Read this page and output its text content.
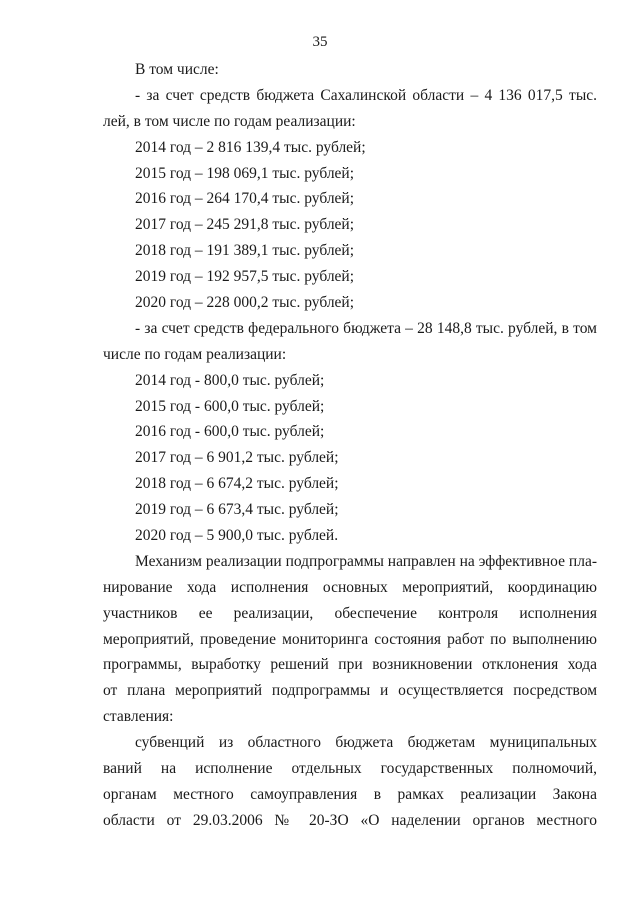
35
В том числе:
- за счет средств бюджета Сахалинской области – 4 136 017,5 тыс.
лей, в том числе по годам реализации:
2014 год – 2 816 139,4 тыс. рублей;
2015 год – 198 069,1 тыс. рублей;
2016 год – 264 170,4 тыс. рублей;
2017 год – 245 291,8 тыс. рублей;
2018 год – 191 389,1 тыс. рублей;
2019 год – 192 957,5 тыс. рублей;
2020 год – 228 000,2 тыс. рублей;
- за счет средств федерального бюджета – 28 148,8 тыс. рублей, в том
числе по годам реализации:
2014 год - 800,0 тыс. рублей;
2015 год - 600,0 тыс. рублей;
2016 год - 600,0 тыс. рублей;
2017 год – 6 901,2 тыс. рублей;
2018 год – 6 674,2 тыс. рублей;
2019 год – 6 673,4 тыс. рублей;
2020 год – 5 900,0 тыс. рублей.
Механизм реализации подпрограммы направлен на эффективное пла-
нирование хода исполнения основных мероприятий, координацию
участников ее реализации, обеспечение контроля исполнения
мероприятий, проведение мониторинга состояния работ по выполнению
программы, выработку решений при возникновении отклонения хода
от плана мероприятий подпрограммы и осуществляется посредством
ставления:
субвенций из областного бюджета бюджетам муниципальных
ваний на исполнение отдельных государственных полномочий,
органам местного самоуправления в рамках реализации Закона
области от 29.03.2006 № 20-ЗО «О наделении органов местного
